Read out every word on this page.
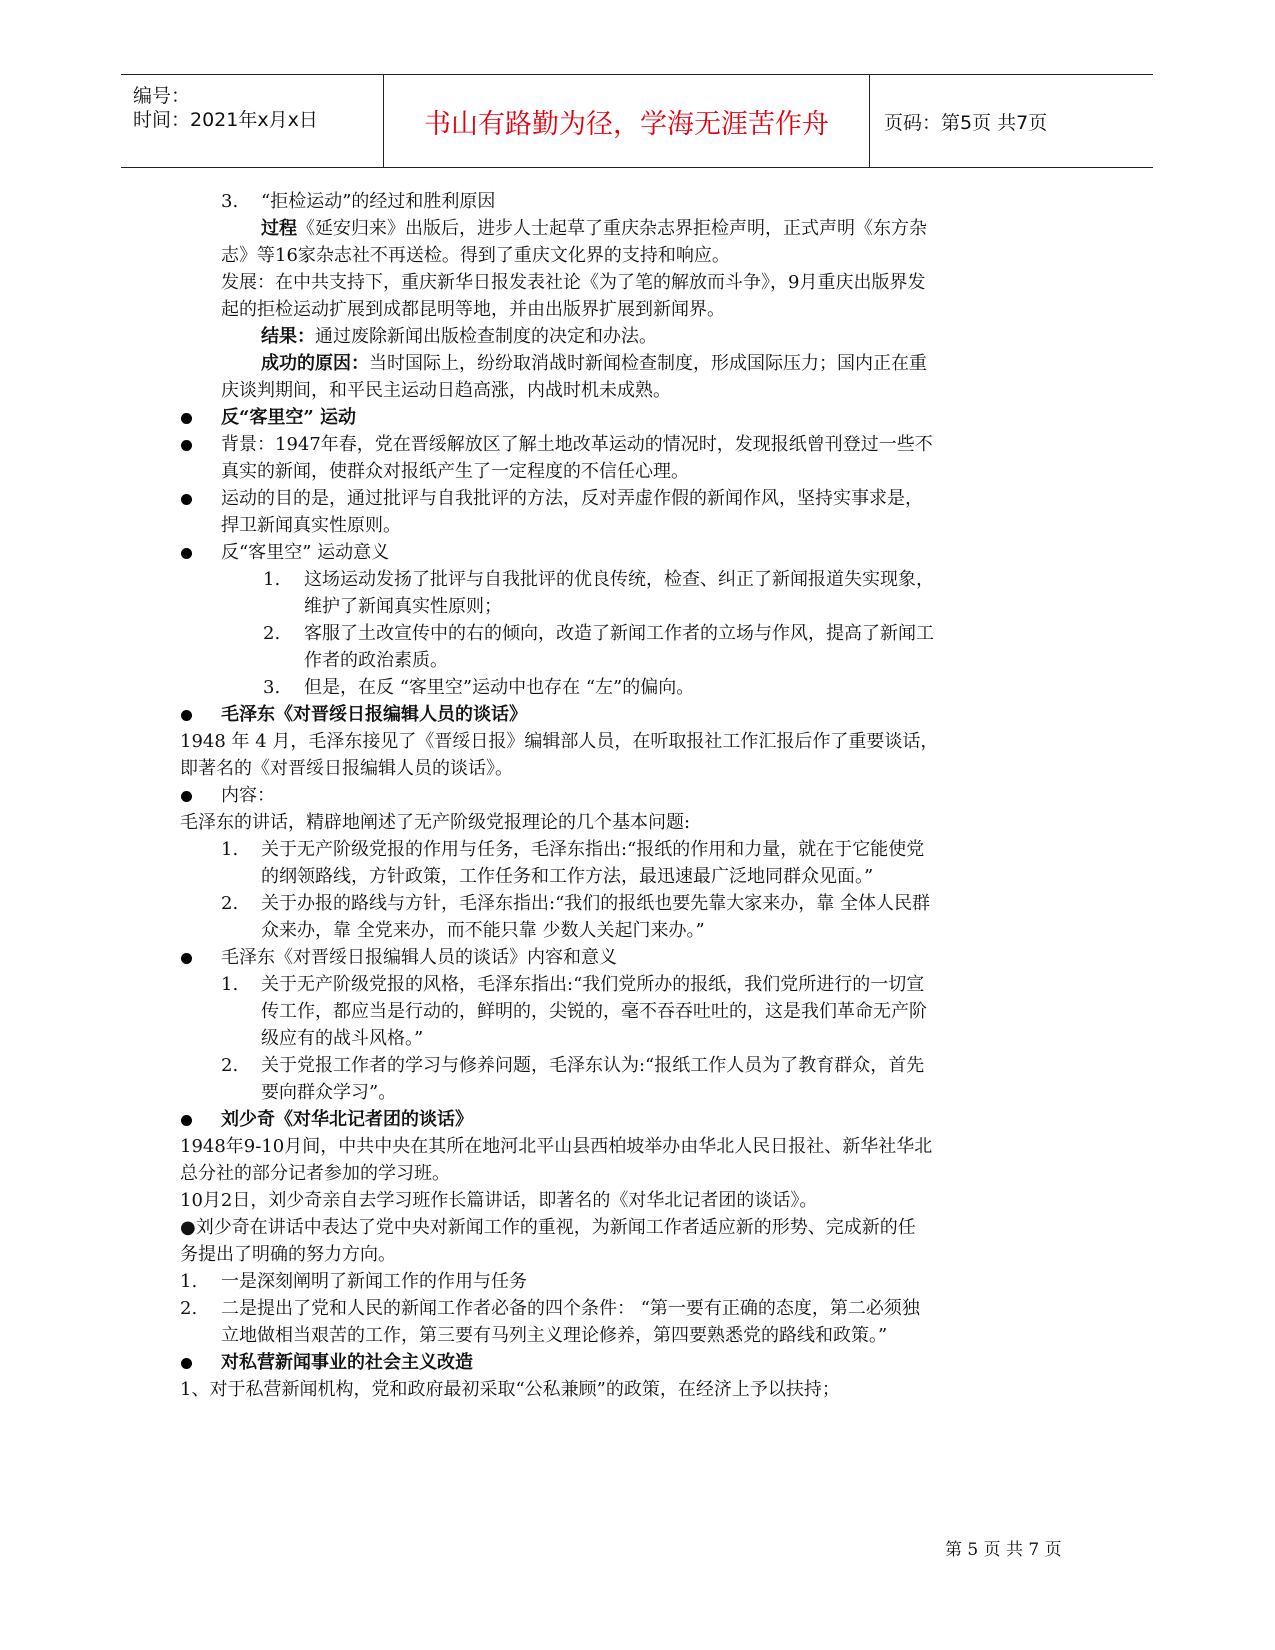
编号：
时间：2021年x月x日	书山有路勤为径，学海无涯苦作舟	页码：第5页 共7页
3. “拒检运动”的经过和胜利原因
过程《延安归来》出版后，进步人士起草了重庆杂志界拒检声明，正式声明《东方杂
志》等16家杂志社不再送检。得到了重庆文化界的支持和响应。
发展：在中共支持下，重庆新华日报发表社论《为了笔的解放而斗争》，9月重庆出版界发
起的拒检运动扩展到成都昆明等地，并由出版界扩展到新闻界。
结果：通过废除新闻出版检查制度的决定和办法。
成功的原因：当时国际上，纷纷取消战时新闻检查制度，形成国际压力；国内正在重
庆谈判期间，和平民主运动日趋高涨，内战时机未成熟。
反“客里空” 运动
背景：1947年春，党在晋绥解放区了解土地改革运动的情况时，发现报纸曾刊登过一些不
真实的新闻，使群众对报纸产生了一定程度的不信任心理。
运动的目的是，通过批评与自我批评的方法，反对弄虚作假的新闻作风，坚持实事求是，
捍卫新闻真实性原则。
反“客里空” 运动意义
1. 这场运动发扬了批评与自我批评的优良传统，检查、纠正了新闻报道失实现象，
维护了新闻真实性原则；
2. 客服了土改宣传中的右的倾向，改造了新闻工作者的立场与作风，提高了新闻工
作者的政治素质。
3. 但是，在反 “客里空”运动中也存在 “左”的偏向。
毛泽东《对晋绥日报编辑人员的谈话》
1948 年 4 月，毛泽东接见了《晋绥日报》编辑部人员，在听取报社工作汇报后作了重要谈话，
即著名的《对晋绥日报编辑人员的谈话》。
内容：
毛泽东的讲话，精辟地阐述了无产阶级党报理论的几个基本问题:
1. 关于无产阶级党报的作用与任务，毛泽东指出:“报纸的作用和力量，就在于它能使党
的纲领路线，方针政策，工作任务和工作方法，最迅速最广泛地同群众见面。”
2. 关于办报的路线与方针，毛泽东指出:“我们的报纸也要先靠大家来办，靠 全体人民群
众来办，靠 全党来办，而不能只靠 少数人关起门来办。”
毛泽东《对晋绥日报编辑人员的谈话》内容和意义
1. 关于无产阶级党报的风格，毛泽东指出:“我们党所办的报纸，我们党所进行的一切宣
传工作，都应当是行动的，鲜明的，尖锐的，毫不吞吞吐吐的，这是我们革命无产阶
级应有的战斗风格。”
2. 关于党报工作者的学习与修养问题，毛泽东认为:“报纸工作人员为了教育群众，首先
要向群众学习”。
刘少奇《对华北记者团的谈话》
1948年9-10月间，中共中央在其所在地河北平山县西柏坡举办由华北人民日报社、新华社华北
总分社的部分记者参加的学习班。
10月2日，刘少奇亲自去学习班作长篇讲话，即著名的《对华北记者团的谈话》。
●刘少奇在讲话中表达了党中央对新闻工作的重视，为新闻工作者适应新的形势、完成新的任
务提出了明确的努力方向。
1. 一是深刻阐明了新闻工作的作用与任务
2. 二是提出了党和人民的新闻工作者必备的四个条件： “第一要有正确的态度，第二必须独
立地做相当艰苦的工作，第三要有马列主义理论修养，第四要熟悉党的路线和政策。”
对私营新闻事业的社会主义改造
1、对于私营新闻机构，党和政府最初采取“公私兼顾”的政策，在经济上予以扶持；
第 5 页 共 7 页
